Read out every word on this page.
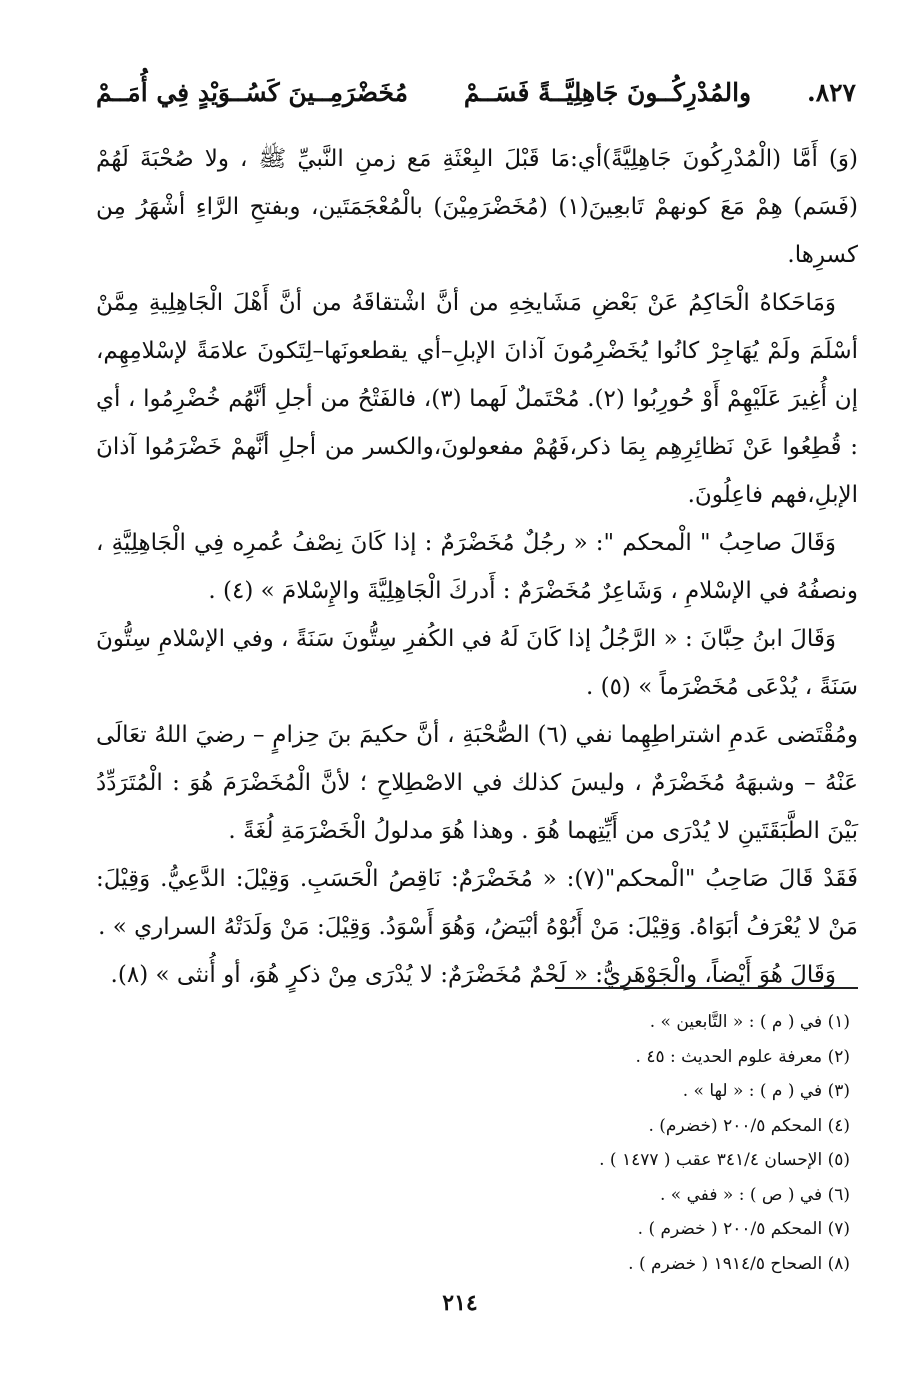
٨٢٧.
والمُدْرِكُــونَ جَاهِلِيَّــةً فَسَــمْ
مُخَضْرَمِــينَ كَسُــوَيْدٍ فِي أُمَــمْ

(وَ) أَمَّا (الْمُدْرِكُونَ جَاهِلِيَّةً)أي:مَا قَبْلَ البِعْثَةِ مَع زمنِ النَّبيِّ ﷺ ، ولا صُحْبَةَ لَهُمْ (فَسَم) هِمْ مَعَ كونهمْ تَابعِينَ(١) (مُخَضْرَمِيْنَ) بالْمُعْجَمَتَين، وبفتحِ الرَّاءِ أشْهَرُ مِن كسرِها.

وَمَاحَكاهُ الْحَاكِمُ عَنْ بَعْضِ مَشَايخِهِ من أنَّ اشْتقاقَهُ من أنَّ أَهْلَ الْجَاهِلِيةِ مِمَّنْ أسْلَمَ ولَمْ يُهَاجِرْ كانُوا يُخَضْرِمُونَ آذانَ الإبلِ–أي يقطعونَها–لِتَكونَ علامَةً لإسْلامِهِم، إن أُغِيرَ عَلَيْهِمْ أَوْ حُورِبُوا (٢). مُحْتَملٌ لَهما (٣)، فالفَتْحُ من أجلِ أنَّهُم خُضْرِمُوا ، أي : قُطِعُوا عَنْ نَظائِرِهِم بِمَا ذكر،فَهُمْ مفعولونَ،والكسر من أجلِ أنَّهمْ خَضْرَمُوا آذانَ الإبلِ،فهم فاعِلُونَ.

وَقَالَ صاحِبُ " الْمحكم ": « رجُلٌ مُخَضْرَمٌ : إذا كَانَ نِصْفُ عُمرِه فِي الْجَاهِلِيَّةِ ، ونصفُهُ في الإسْلامِ ، وَشَاعِرٌ مُخَضْرَمٌ : أَدركَ الْجَاهِلِيَّةَ والإِسْلامَ » (٤) .

وَقَالَ ابنُ حِبَّانَ : « الرَّجُلُ إذا كَانَ لَهُ في الكُفرِ سِتُّونَ سَنَةً ، وفي الإسْلامِ سِتُّونَ سَنَةً ، يُدْعَى مُخَضْرَماً » (٥) .

ومُقْتَضى عَدمِ اشتراطِهِما نفي (٦) الصُّحْبَةِ ، أنَّ حكيمَ بنَ حِزامٍ – رضيَ اللهُ تعَالَى عَنْهُ – وشبهَهُ مُخَضْرَمٌ ، وليسَ كذلك في الاصْطِلاحِ ؛ لأنَّ الْمُخَضْرَمَ هُوَ : الْمُتَرَدِّدُ بَيْنَ الطَّبَقَتَينِ لا يُدْرَى من أَيِّتِهما هُوَ . وهذا هُوَ مدلولُ الْخَضْرَمَةِ لُغَةً .

فَقَدْ قَالَ صَاحِبُ "الْمحكم"(٧): « مُخَضْرَمٌ: نَاقِصُ الْحَسَبِ. وَقِيْلَ: الدَّعِيُّ. وَقِيْلَ: مَنْ لا يُعْرَفُ أبَوَاهُ. وَقِيْلَ: مَنْ أَبُوْهُ أبْيَضُ، وَهُوَ أَسْوَدُ. وَقِيْلَ: مَنْ وَلَدَتْهُ السراري » .

وَقَالَ هُوَ أَيْضاً، والْجَوْهَرِيُّ: « لَحْمٌ مُخَضْرَمٌ: لا يُدْرَى مِنْ ذكرٍ هُوَ، أو أُنثى » (٨).

(١) في ( م ) : « التَّابعين » .
(٢) معرفة علوم الحديث : ٤٥ .
(٣) في ( م ) : « لها » .
(٤) المحكم ٢٠٠/٥ (خضرم) .
(٥) الإحسان ٣٤١/٤ عقب ( ١٤٧٧ ) .
(٦) في ( ص ) : « ففي » .
(٧) المحكم ٢٠٠/٥ ( خضرم ) .
(٨) الصحاح ١٩١٤/٥ ( خضرم ) .
٢١٤
